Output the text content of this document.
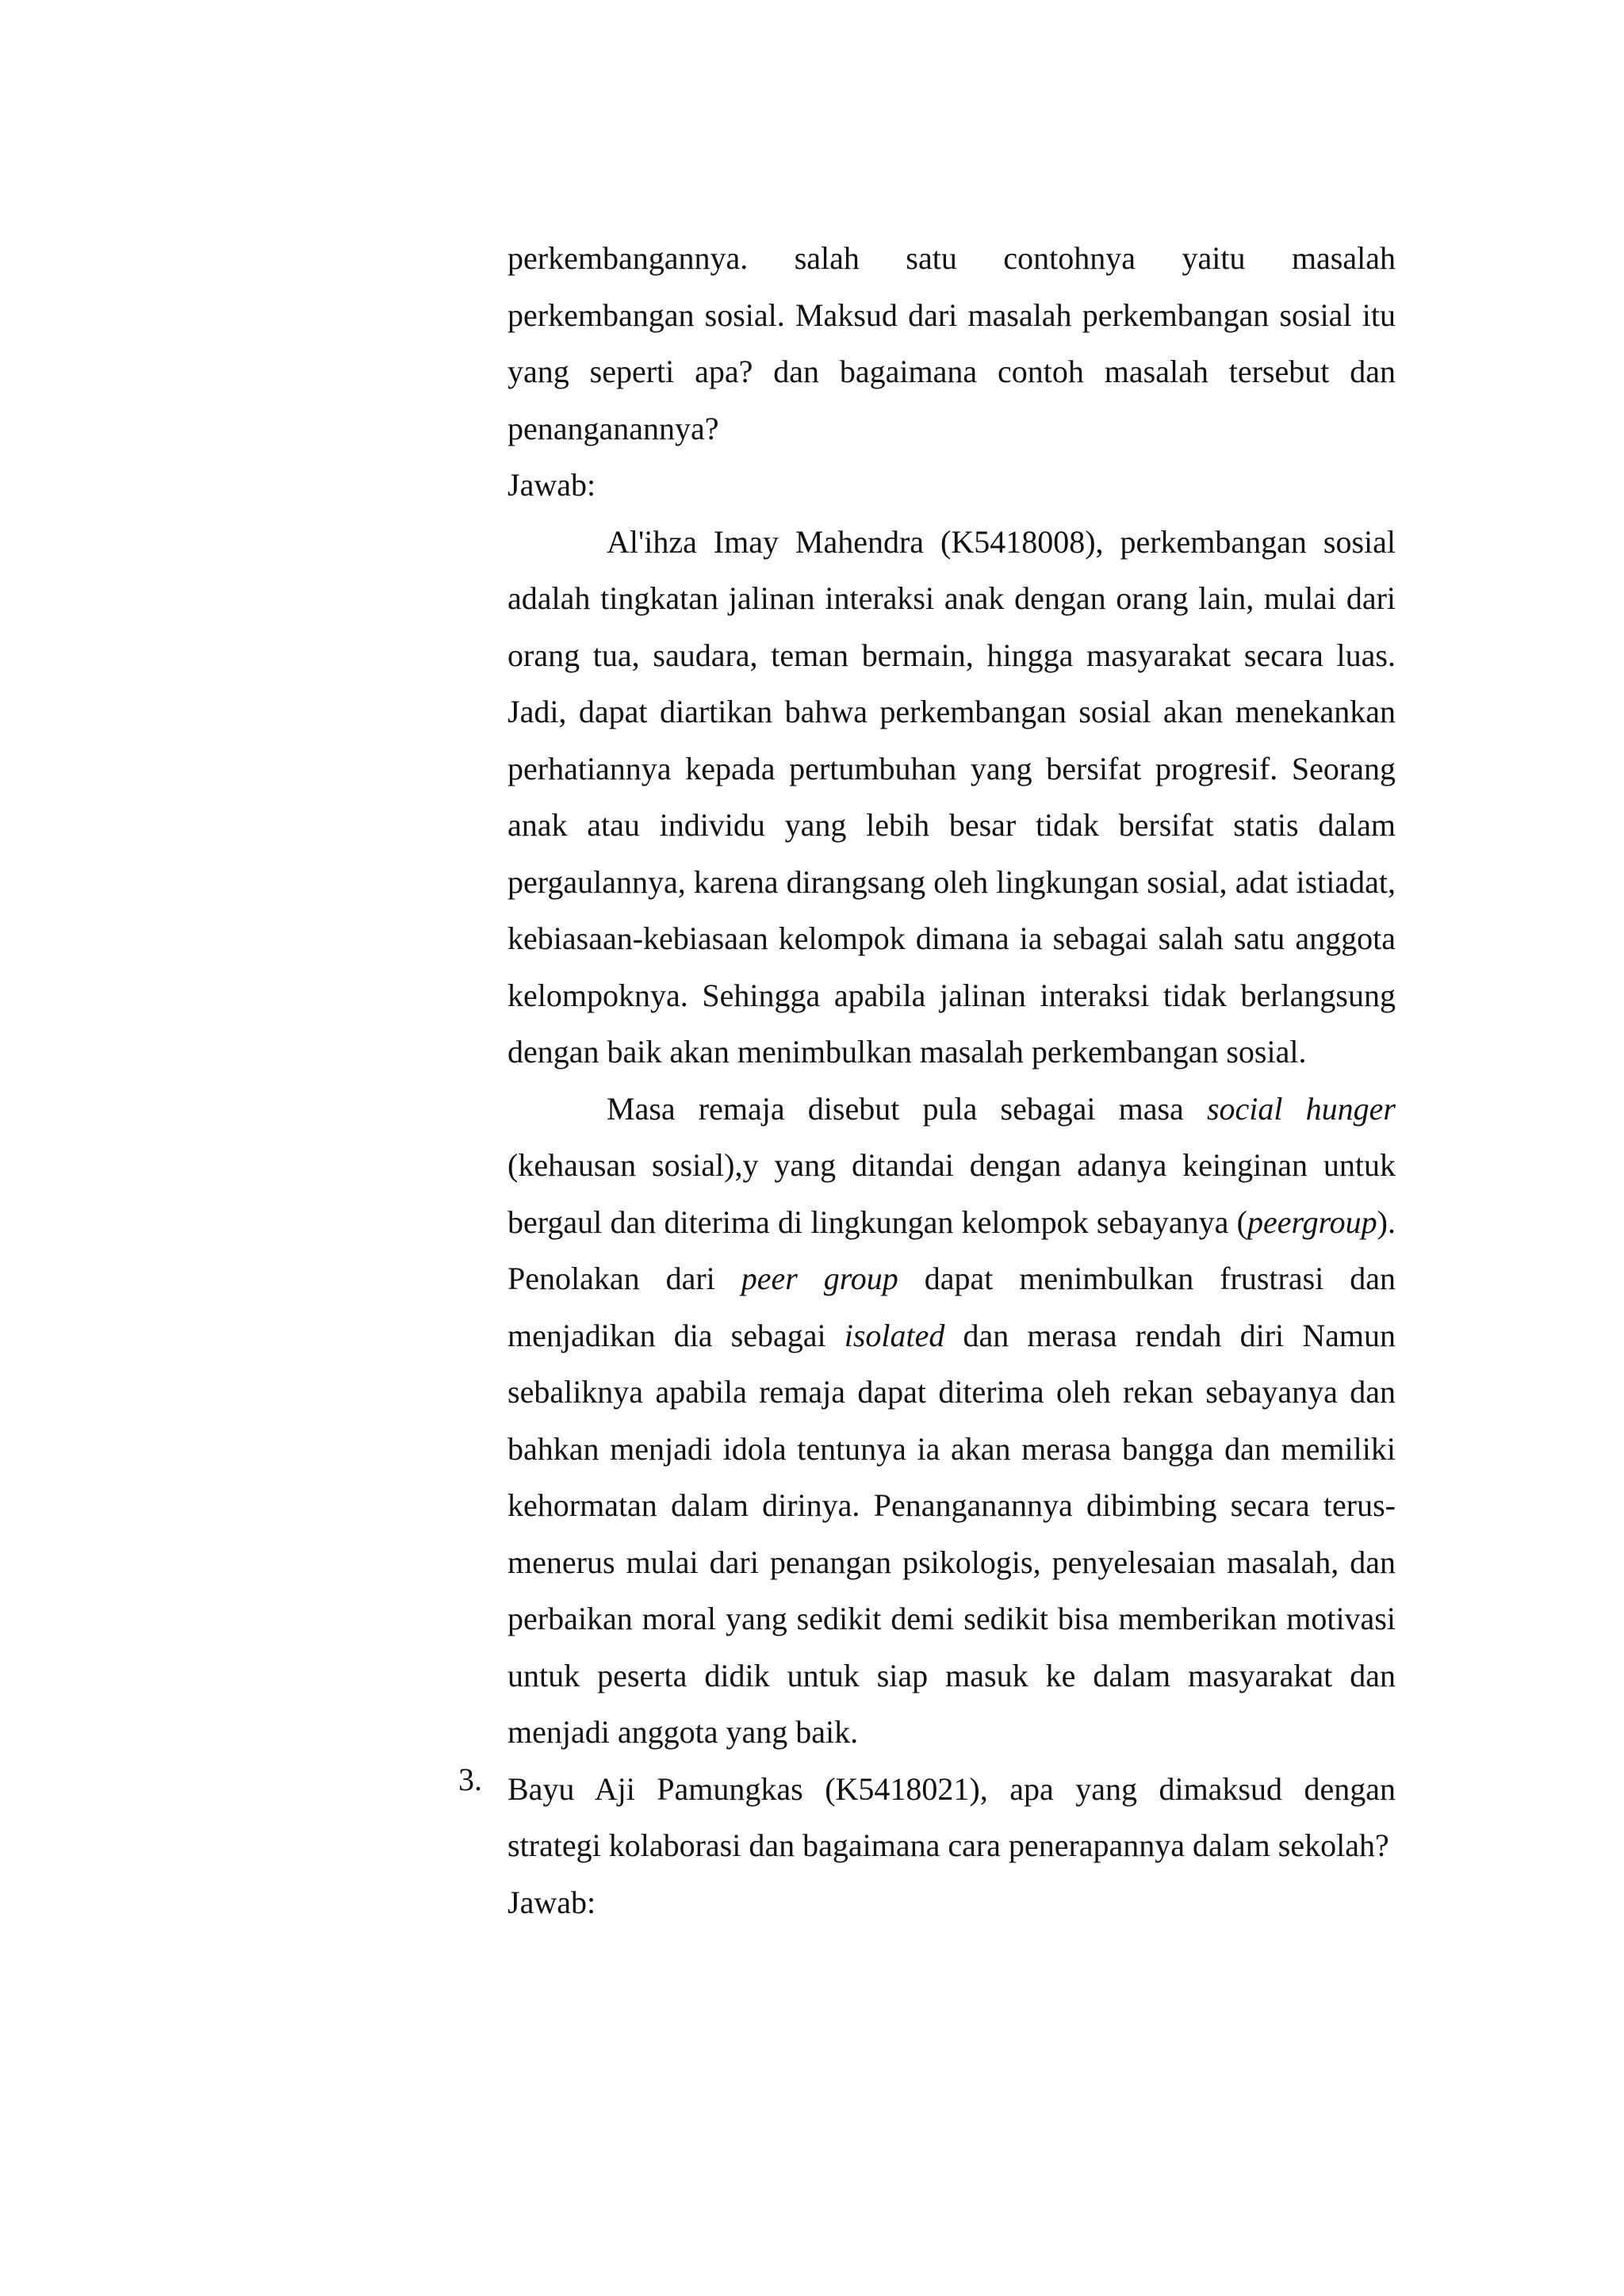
perkembangannya. salah satu contohnya yaitu masalah perkembangan sosial. Maksud dari masalah perkembangan sosial itu yang seperti apa? dan bagaimana contoh masalah tersebut dan penanganannya?

Jawab:

Al'ihza Imay Mahendra (K5418008), perkembangan sosial adalah tingkatan jalinan interaksi anak dengan orang lain, mulai dari orang tua, saudara, teman bermain, hingga masyarakat secara luas. Jadi, dapat diartikan bahwa perkembangan sosial akan menekankan perhatiannya kepada pertumbuhan yang bersifat progresif. Seorang anak atau individu yang lebih besar tidak bersifat statis dalam pergaulannya, karena dirangsang oleh lingkungan sosial, adat istiadat, kebiasaan-kebiasaan kelompok dimana ia sebagai salah satu anggota kelompoknya. Sehingga apabila jalinan interaksi tidak berlangsung dengan baik akan menimbulkan masalah perkembangan sosial.

Masa remaja disebut pula sebagai masa social hunger (kehausan sosial),y yang ditandai dengan adanya keinginan untuk bergaul dan diterima di lingkungan kelompok sebayanya (peergroup). Penolakan dari peer group dapat menimbulkan frustrasi dan menjadikan dia sebagai isolated dan merasa rendah diri Namun sebaliknya apabila remaja dapat diterima oleh rekan sebayanya dan bahkan menjadi idola tentunya ia akan merasa bangga dan memiliki kehormatan dalam dirinya. Penanganannya dibimbing secara terus-menerus mulai dari penangan psikologis, penyelesaian masalah, dan perbaikan moral yang sedikit demi sedikit bisa memberikan motivasi untuk peserta didik untuk siap masuk ke dalam masyarakat dan menjadi anggota yang baik.

3. Bayu Aji Pamungkas (K5418021), apa yang dimaksud dengan strategi kolaborasi dan bagaimana cara penerapannya dalam sekolah?

Jawab:
